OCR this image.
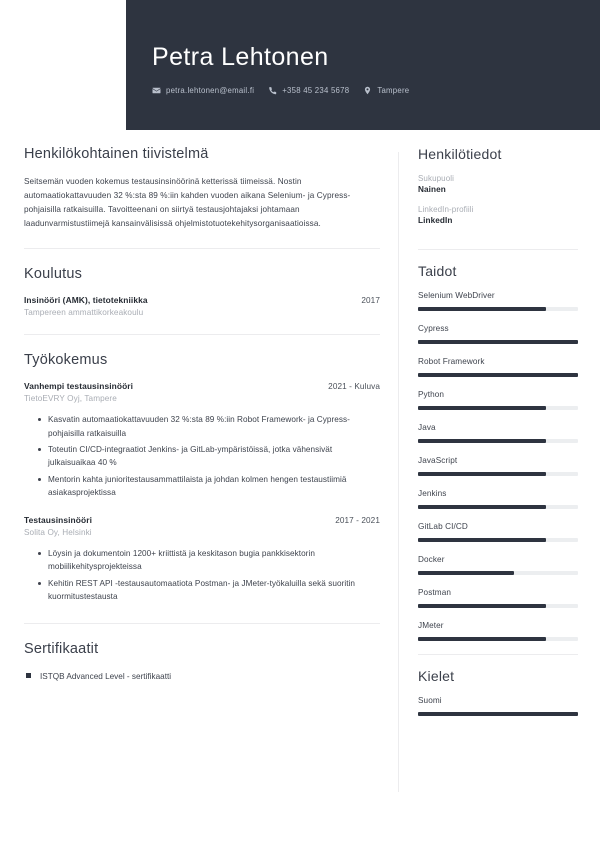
Petra Lehtonen
petra.lehtonen@email.fi	+358 45 234 5678	Tampere
Henkilökohtainen tiivistelmä
Seitsemän vuoden kokemus testausinsinöörinä ketterissä tiimeissä. Nostin automaatiokattavuuden 32 %:sta 89 %:iin kahden vuoden aikana Selenium- ja Cypress-pohjaisilla ratkaisuilla. Tavoitteenani on siirtyä testausjohtajaksi johtamaan laadunvarmistustiimejä kansainvälisissä ohjelmistotuotekehitysorganisaatioissa.
Koulutus
Insinööri (AMK), tietotekniikka	2017
Tampereen ammattikorkeakoulu
Työkokemus
Vanhempi testausinsinööri	2021 - Kuluva
TietoEVRY Oyj, Tampere
Kasvatin automaatiokattavuuden 32 %:sta 89 %:iin Robot Framework- ja Cypress-pohjaisilla ratkaisuilla
Toteutin CI/CD-integraatiot Jenkins- ja GitLab-ympäristöissä, jotka vähensivät julkaisuaikaa 40 %
Mentorin kahta junioritestausammattilaista ja johdan kolmen hengen testaustiimiä asiakasprojektissa
Testausinsinööri	2017 - 2021
Solita Oy, Helsinki
Löysin ja dokumentoin 1200+ kriittistä ja keskitason bugia pankkisektorin mobiilikehitysprojekteissa
Kehitin REST API -testausautomaatiota Postman- ja JMeter-työkaluilla sekä suoritin kuormitustestausta
Sertifikaatit
ISTQB Advanced Level - sertifikaatti
Henkilötiedot
Sukupuoli
Nainen
LinkedIn-profiili
LinkedIn
Taidot
Selenium WebDriver
Cypress
Robot Framework
Python
Java
JavaScript
Jenkins
GitLab CI/CD
Docker
Postman
JMeter
Kielet
Suomi
